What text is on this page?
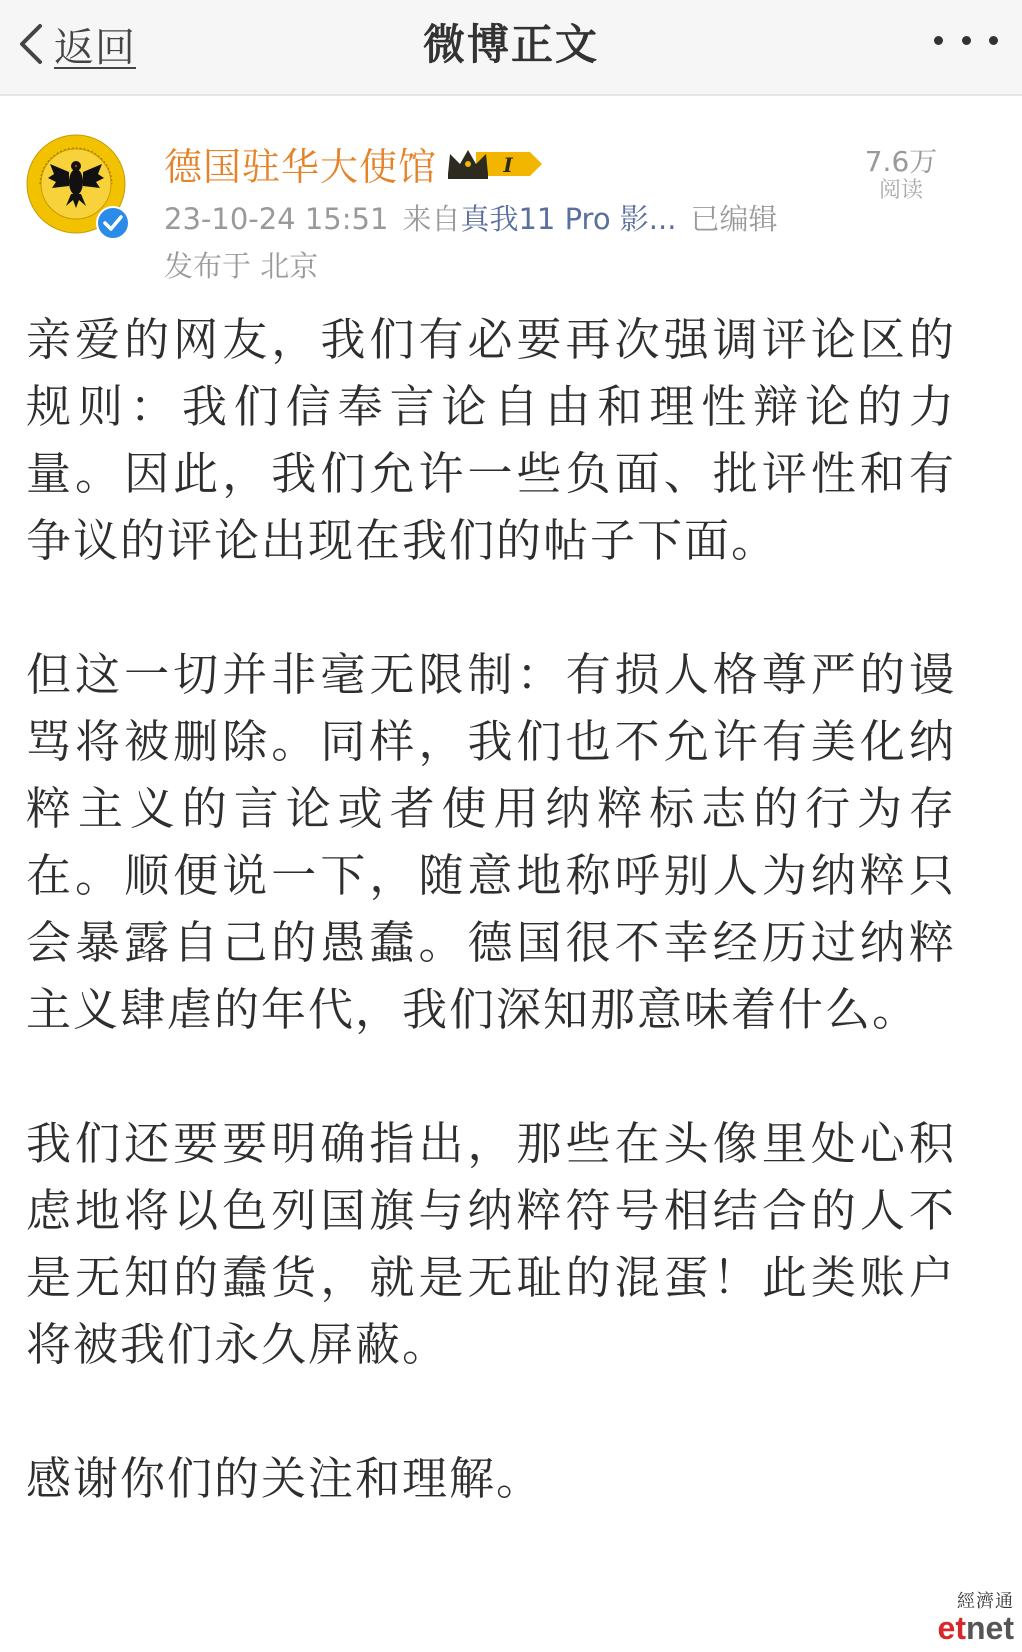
返回	微博正文
德国驻华大使馆	I
23-10-24 15:51 来自真我11 Pro 影... 已编辑
发布于 北京
7.6万
阅读

亲爱的网友，我们有必要再次强调评论区的规则：我们信奉言论自由和理性辩论的力量。因此，我们允许一些负面、批评性和有争议的评论出现在我们的帖子下面。

但这一切并非毫无限制：有损人格尊严的谩骂将被删除。同样，我们也不允许有美化纳粹主义的言论或者使用纳粹标志的行为存在。顺便说一下，随意地称呼别人为纳粹只会暴露自己的愚蠢。德国很不幸经历过纳粹主义肆虐的年代，我们深知那意味着什么。

我们还要要明确指出，那些在头像里处心积虑地将以色列国旗与纳粹符号相结合的人不是无知的蠢货，就是无耻的混蛋！此类账户将被我们永久屏蔽。

感谢你们的关注和理解。

經濟通
etnet
